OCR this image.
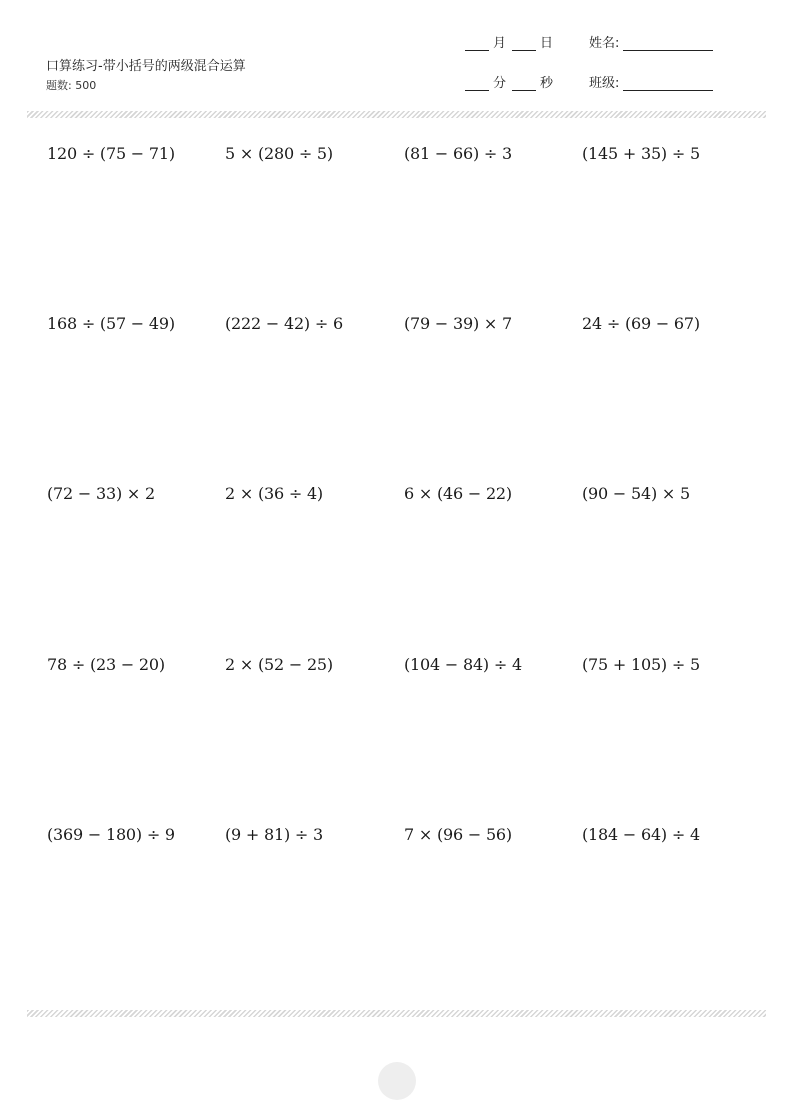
口算练习-带小括号的两级混合运算
题数: 500
月	日
分	秒
姓名:
班级:
120 ÷ (75 − 71)	5 × (280 ÷ 5)	(81 − 66) ÷ 3	(145 + 35) ÷ 5
168 ÷ (57 − 49)	(222 − 42) ÷ 6	(79 − 39) × 7	24 ÷ (69 − 67)
(72 − 33) × 2	2 × (36 ÷ 4)	6 × (46 − 22)	(90 − 54) × 5
78 ÷ (23 − 20)	2 × (52 − 25)	(104 − 84) ÷ 4	(75 + 105) ÷ 5
(369 − 180) ÷ 9	(9 + 81) ÷ 3	7 × (96 − 56)	(184 − 64) ÷ 4
